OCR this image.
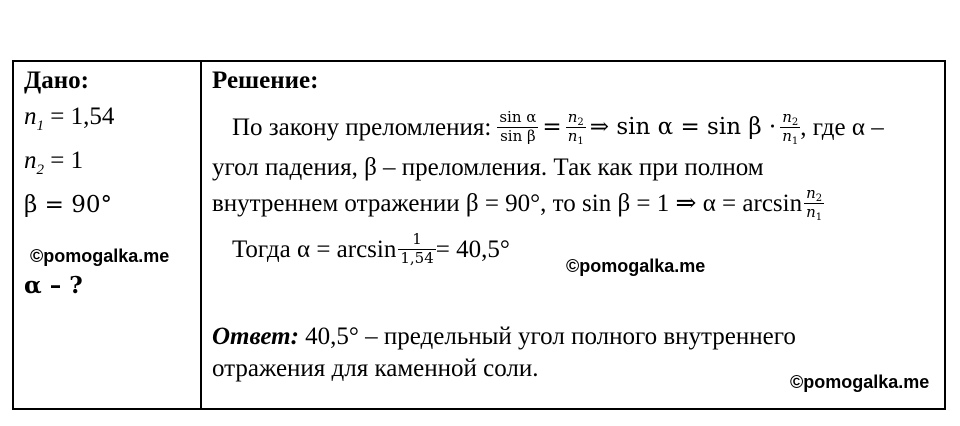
Дано:
$n_1 = 1,54$
$n_2 = 1$
β = 90°
©pomogalka.me
α – ?
Решение:
По закону преломления: $\frac{\text{sin α}}{\text{sin β}} = \frac{n_2}{n_1}$ ⇒ $\sin \alpha = \sin \beta \cdot \frac{n_2}{n_1}$ , где α –
угол падения, β – преломления. Так как при полном
внутреннем отражении β = 90°, то sin β = 1 ⇒ $\alpha = \arcsin \frac{n_2}{n_1}$
Тогда $\alpha = \arcsin \frac{1}{1,54} = 40,5^\circ$
©pomogalka.me
Ответ: 40,5° – предельный угол полного внутреннего
отражения для каменной соли.	©pomogalka.me
